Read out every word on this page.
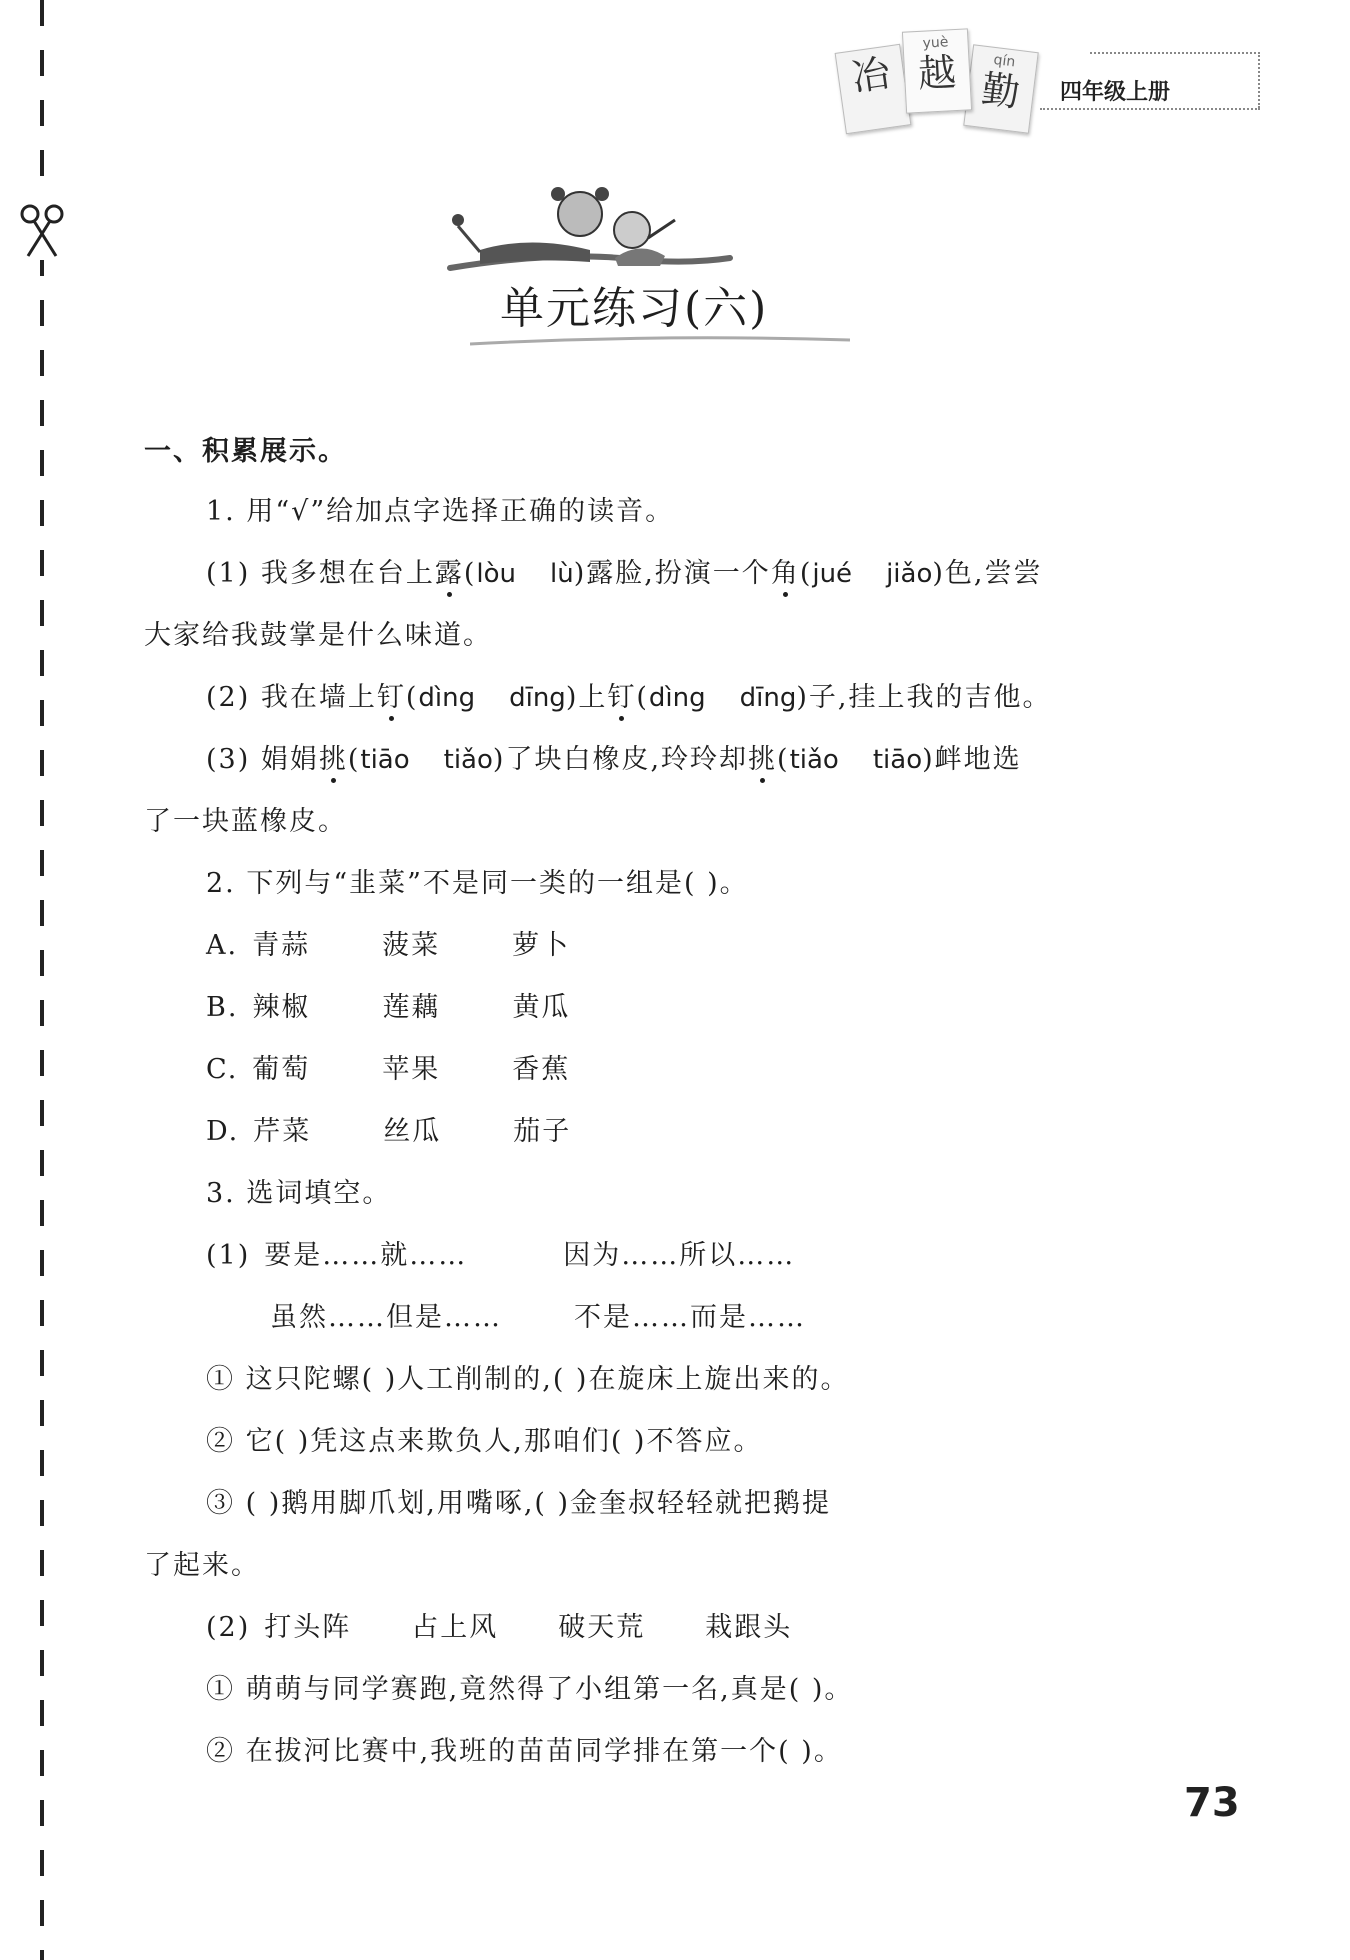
冶	qín
勤
yuè
越	四年级上册
单元练习(六)
一、积累展示。
1. 用“√”给加点字选择正确的读音。
(1) 我多想在台上露(lòu lù)露脸,扮演一个角(jué jiǎo)色,尝尝
大家给我鼓掌是什么味道。
(2) 我在墙上钉(dìng dīng)上钉(dìng dīng)子,挂上我的吉他。
(3) 娟娟挑(tiāo tiǎo)了块白橡皮,玲玲却挑(tiǎo tiāo)衅地选
了一块蓝橡皮。
2. 下列与“韭菜”不是同一类的一组是( )。
A. 青蒜	菠菜	萝卜
B. 辣椒	莲藕	黄瓜
C. 葡萄	苹果	香蕉
D. 芹菜	丝瓜	茄子
3. 选词填空。
(1) 要是……就……	因为……所以……
虽然……但是……	不是……而是……
① 这只陀螺( )人工削制的,( )在旋床上旋出来的。
② 它( )凭这点来欺负人,那咱们( )不答应。
③ ( )鹅用脚爪划,用嘴啄,( )金奎叔轻轻就把鹅提
了起来。
(2) 打头阵 占上风 破天荒 栽跟头
① 萌萌与同学赛跑,竟然得了小组第一名,真是( )。
② 在拔河比赛中,我班的苗苗同学排在第一个( )。
73
